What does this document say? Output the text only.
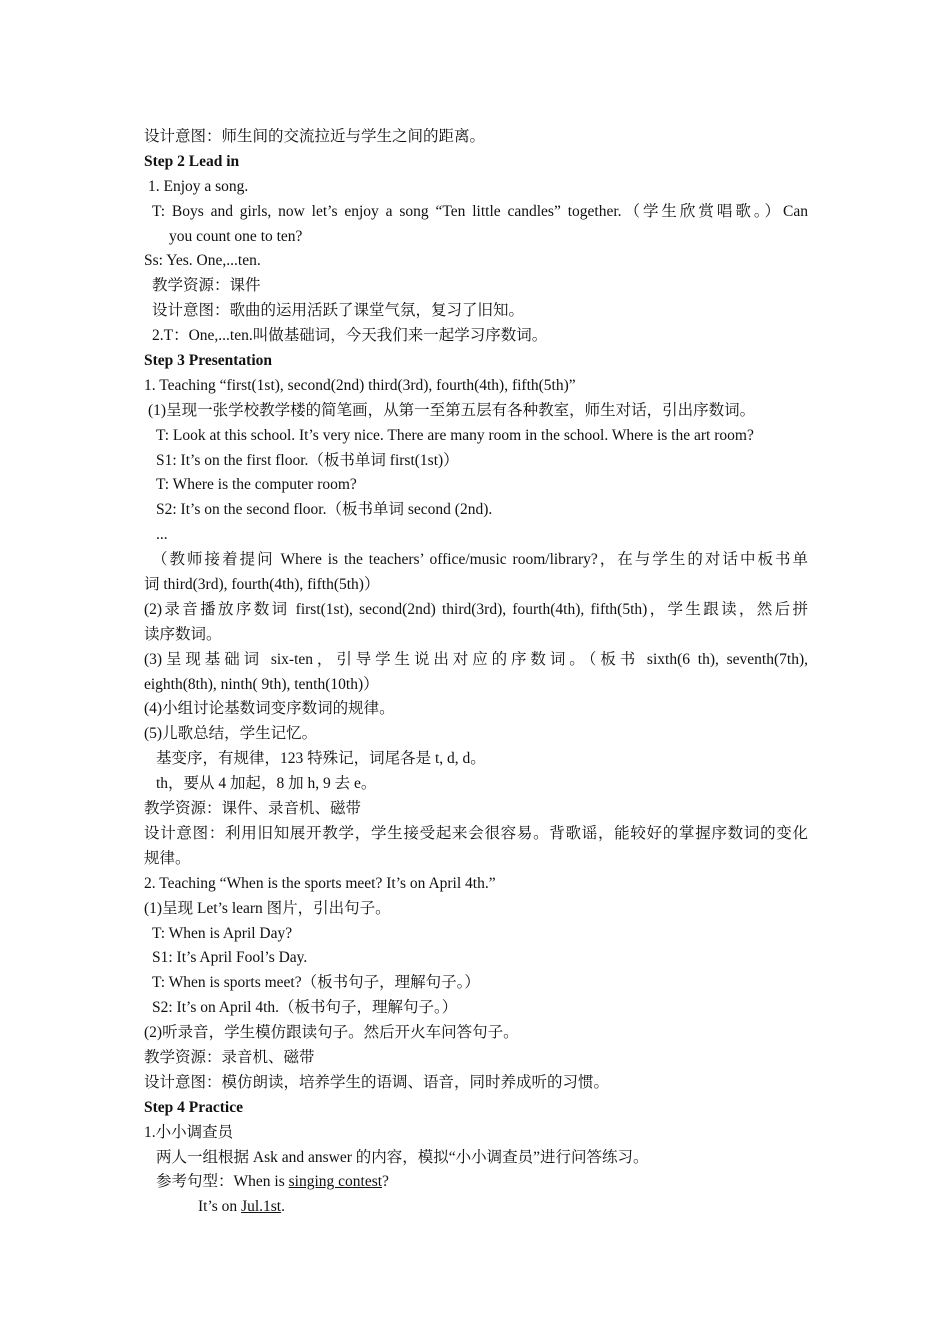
设计意图：师生间的交流拉近与学生之间的距离。
Step 2 Lead in
1. Enjoy a song.
T: Boys and girls, now let’s enjoy a song “Ten little candles” together.（学生欣赏唱歌。）Can
you count one to ten?
Ss: Yes. One,...ten.
教学资源：课件
设计意图：歌曲的运用活跃了课堂气氛，复习了旧知。
2.T：One,...ten.叫做基础词，今天我们来一起学习序数词。
Step 3 Presentation
1. Teaching “first(1st), second(2nd) third(3rd), fourth(4th), fifth(5th)”
(1)呈现一张学校教学楼的简笔画，从第一至第五层有各种教室，师生对话，引出序数词。
T: Look at this school. It’s very nice. There are many room in the school. Where is the art room?
S1: It’s on the first floor.（板书单词 first(1st)）
T: Where is the computer room?
S2: It’s on the second floor.（板书单词 second (2nd).
...
（教师接着提问 Where is the teachers’ office/music room/library?，在与学生的对话中板书单
词 third(3rd), fourth(4th), fifth(5th)）
(2)录音播放序数词 first(1st), second(2nd) third(3rd), fourth(4th), fifth(5th)，学生跟读，然后拼
读序数词。
(3)呈现基础词 six-ten，引导学生说出对应的序数词。（板书 sixth(6 th), seventh(7th),
eighth(8th), ninth( 9th), tenth(10th)）
(4)小组讨论基数词变序数词的规律。
(5)儿歌总结，学生记忆。
基变序，有规律，123 特殊记，词尾各是 t, d, d。
th，要从 4 加起，8 加 h, 9 去 e。
教学资源：课件、录音机、磁带
设计意图：利用旧知展开教学，学生接受起来会很容易。背歌谣，能较好的掌握序数词的变化
规律。
2. Teaching “When is the sports meet? It’s on April 4th.”
(1)呈现 Let’s learn 图片，引出句子。
T: When is April Day?
S1: It’s April Fool’s Day.
T: When is sports meet?（板书句子，理解句子。）
S2: It’s on April 4th.（板书句子，理解句子。）
(2)听录音，学生模仿跟读句子。然后开火车问答句子。
教学资源：录音机、磁带
设计意图：模仿朗读，培养学生的语调、语音，同时养成听的习惯。
Step 4 Practice
1.小小调查员
两人一组根据 Ask and answer 的内容，模拟“小小调查员”进行问答练习。
参考句型：When is singing contest?
It’s on Jul.1st.
